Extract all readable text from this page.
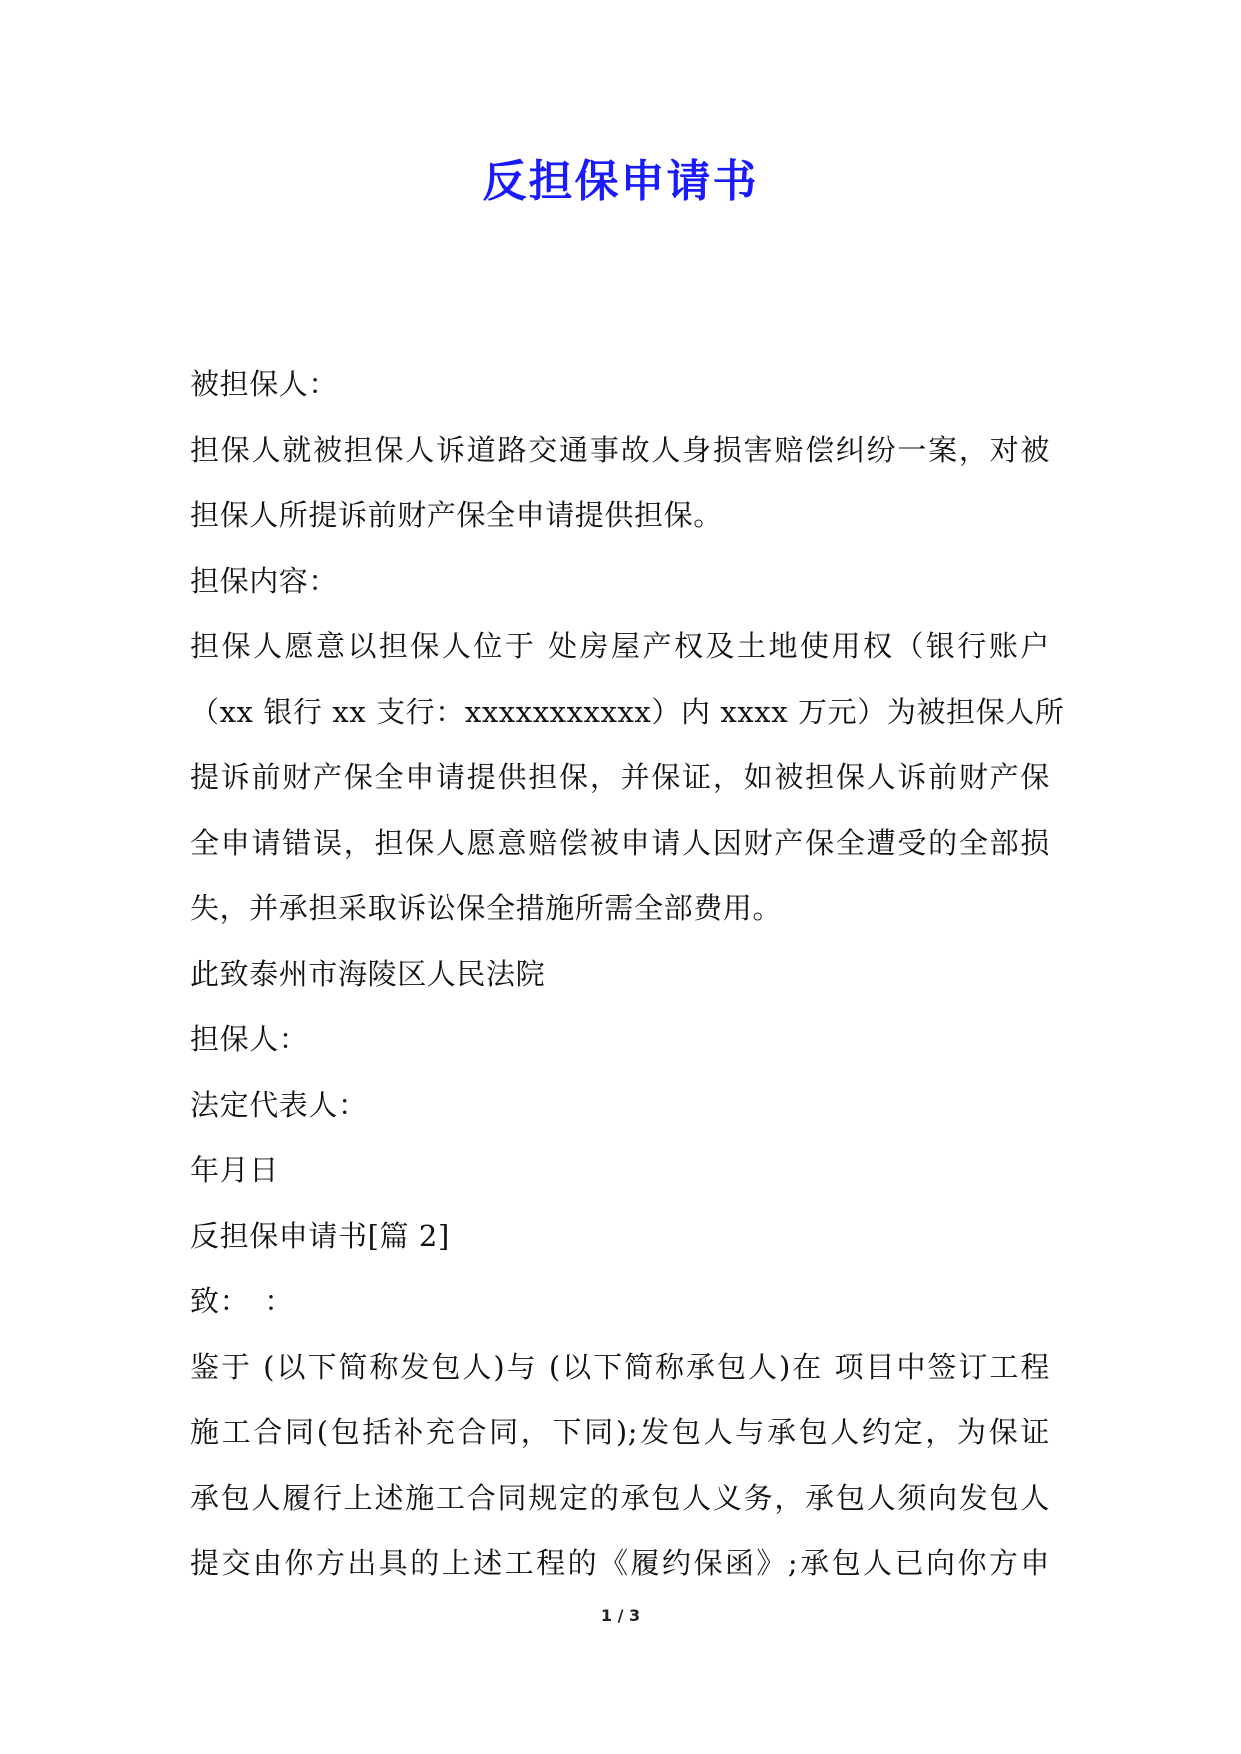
反担保申请书
被担保人：
担保人就被担保人诉道路交通事故人身损害赔偿纠纷一案，对被
担保人所提诉前财产保全申请提供担保。
担保内容：
担保人愿意以担保人位于 处房屋产权及土地使用权（银行账户
（xx 银行 xx 支行：xxxxxxxxxxx）内 xxxx 万元）为被担保人所
提诉前财产保全申请提供担保，并保证，如被担保人诉前财产保
全申请错误，担保人愿意赔偿被申请人因财产保全遭受的全部损
失，并承担采取诉讼保全措施所需全部费用。
此致泰州市海陵区人民法院
担保人：
法定代表人：
年月日
反担保申请书[篇 2]
致：　：
鉴于 (以下简称发包人)与 (以下简称承包人)在 项目中签订工程
施工合同(包括补充合同，下同);发包人与承包人约定，为保证
承包人履行上述施工合同规定的承包人义务，承包人须向发包人
提交由你方出具的上述工程的《履约保函》;承包人已向你方申
1 / 3
